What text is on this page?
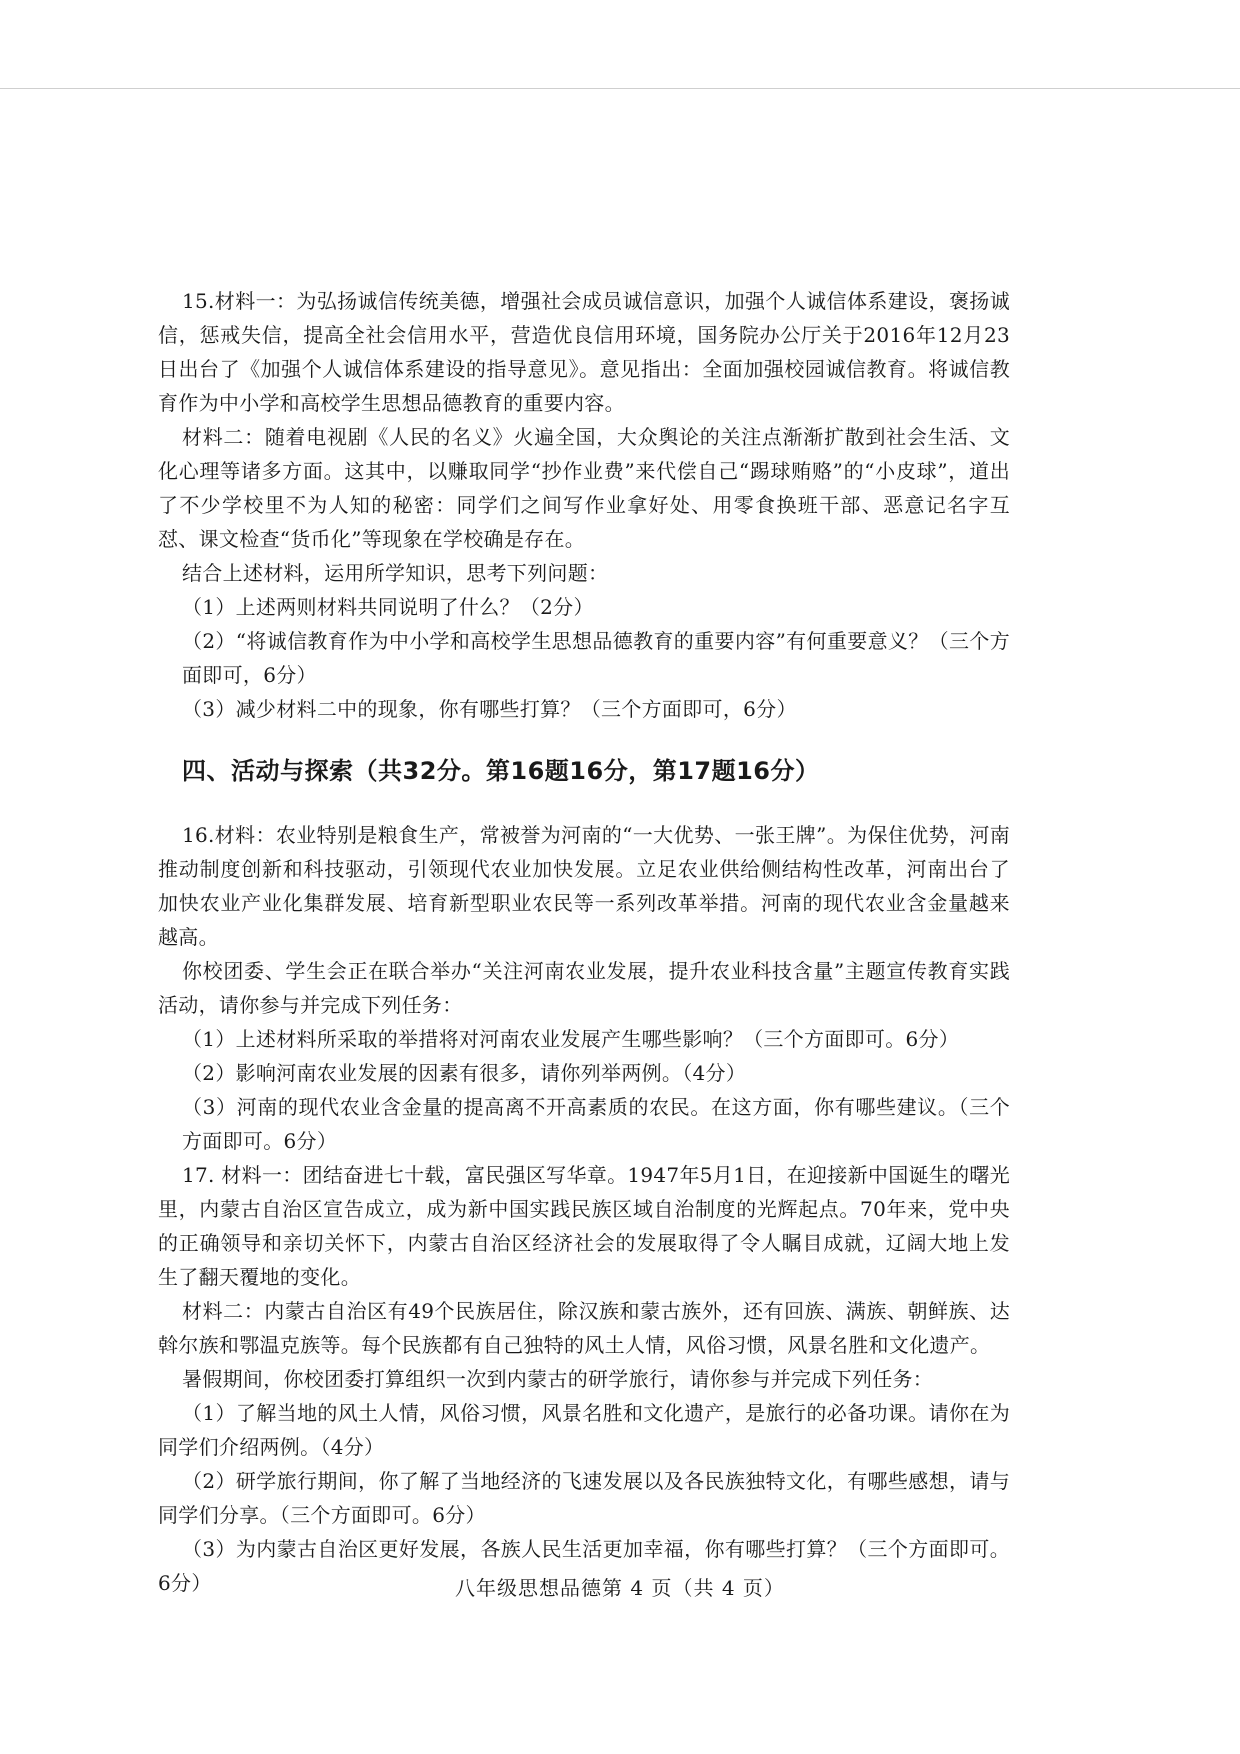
15.材料一：为弘扬诚信传统美德，增强社会成员诚信意识，加强个人诚信体系建设，褒扬诚信，惩戒失信，提高全社会信用水平，营造优良信用环境，国务院办公厅关于2016年12月23日出台了《加强个人诚信体系建设的指导意见》。意见指出：全面加强校园诚信教育。将诚信教育作为中小学和高校学生思想品德教育的重要内容。

材料二：随着电视剧《人民的名义》火遍全国，大众舆论的关注点渐渐扩散到社会生活、文化心理等诸多方面。这其中，以赚取同学“抄作业费”来代偿自己“踢球贿赂”的“小皮球”，道出了不少学校里不为人知的秘密：同学们之间写作业拿好处、用零食换班干部、恶意记名字互怼、课文检查“货币化”等现象在学校确是存在。

结合上述材料，运用所学知识，思考下列问题：

（1）上述两则材料共同说明了什么？（2分）

（2）“将诚信教育作为中小学和高校学生思想品德教育的重要内容”有何重要意义？（三个方面即可，6分）

（3）减少材料二中的现象，你有哪些打算？（三个方面即可，6分）

四、活动与探索（共32分。第16题16分，第17题16分）

16.材料：农业特别是粮食生产，常被誉为河南的“一大优势、一张王牌”。为保住优势，河南推动制度创新和科技驱动，引领现代农业加快发展。立足农业供给侧结构性改革，河南出台了加快农业产业化集群发展、培育新型职业农民等一系列改革举措。河南的现代农业含金量越来越高。

你校团委、学生会正在联合举办“关注河南农业发展，提升农业科技含量”主题宣传教育实践活动，请你参与并完成下列任务：

（1）上述材料所采取的举措将对河南农业发展产生哪些影响？（三个方面即可。6分）

（2）影响河南农业发展的因素有很多，请你列举两例。（4分）

（3）河南的现代农业含金量的提高离不开高素质的农民。在这方面，你有哪些建议。（三个方面即可。6分）

17. 材料一：团结奋进七十载，富民强区写华章。1947年5月1日，在迎接新中国诞生的曙光里，内蒙古自治区宣告成立，成为新中国实践民族区域自治制度的光辉起点。70年来，党中央的正确领导和亲切关怀下，内蒙古自治区经济社会的发展取得了令人瞩目成就，辽阔大地上发生了翻天覆地的变化。

材料二：内蒙古自治区有49个民族居住，除汉族和蒙古族外，还有回族、满族、朝鲜族、达斡尔族和鄂温克族等。每个民族都有自己独特的风土人情，风俗习惯，风景名胜和文化遗产。

暑假期间，你校团委打算组织一次到内蒙古的研学旅行，请你参与并完成下列任务：

（1）了解当地的风土人情，风俗习惯，风景名胜和文化遗产，是旅行的必备功课。请你在为同学们介绍两例。（4分）

（2）研学旅行期间，你了解了当地经济的飞速发展以及各民族独特文化，有哪些感想，请与同学们分享。（三个方面即可。6分）

（3）为内蒙古自治区更好发展，各族人民生活更加幸福，你有哪些打算？（三个方面即可。6分）	八年级思想品德第 4 页（共 4 页）
